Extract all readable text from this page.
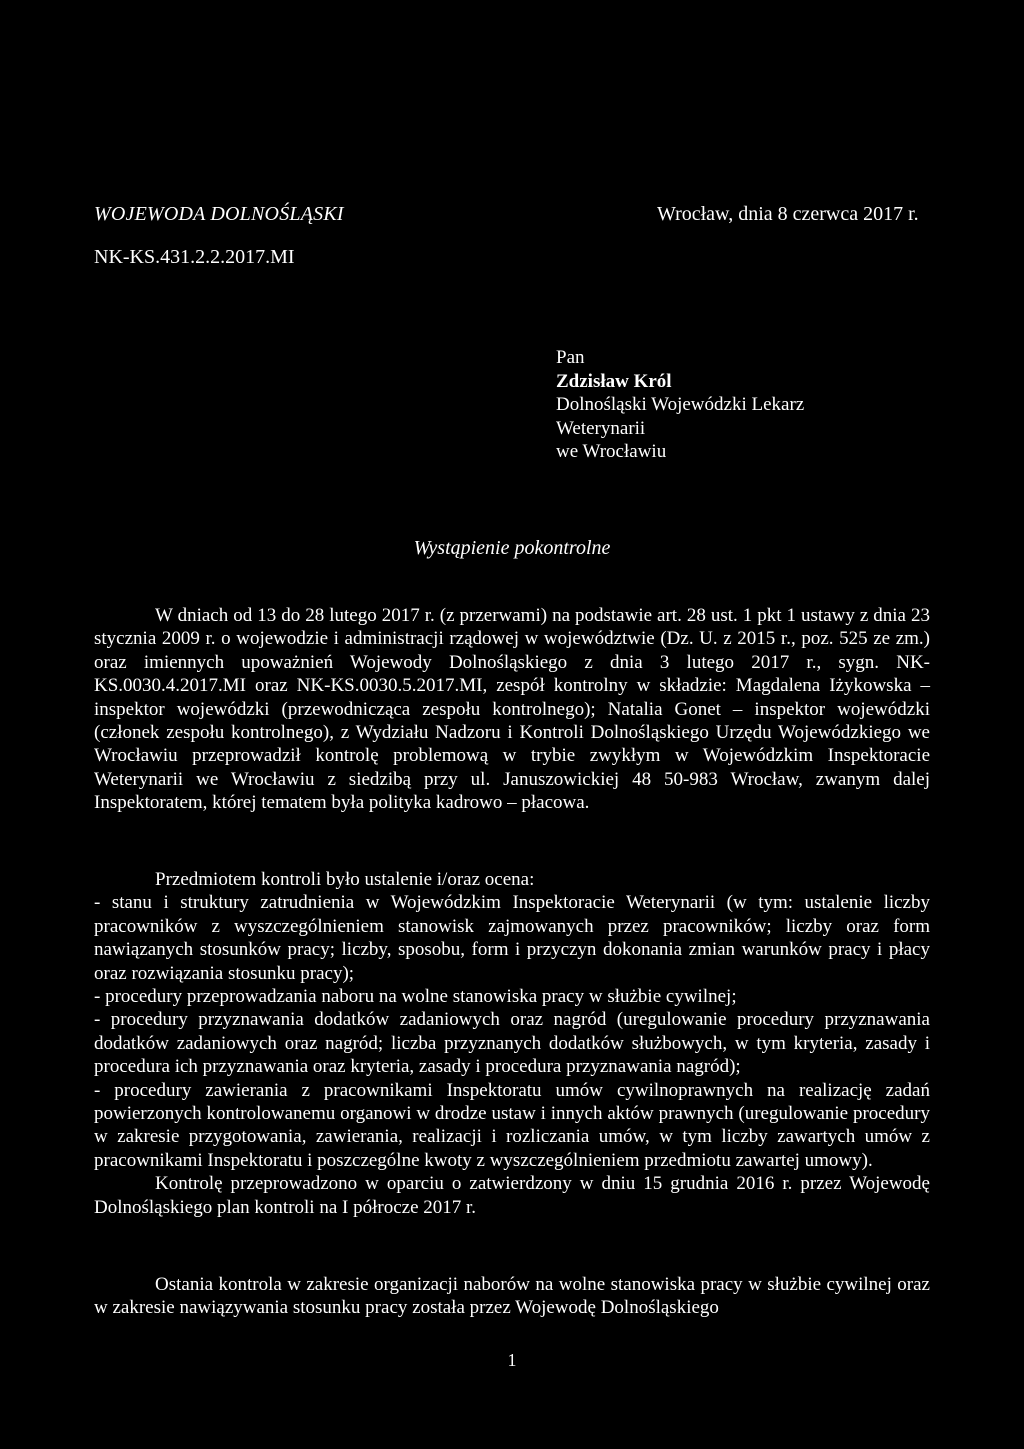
WOJEWODA DOLNOŚLĄSKI	Wrocław, dnia 8 czerwca 2017 r.
NK-KS.431.2.2.2017.MI
Pan
Zdzisław Król
Dolnośląski Wojewódzki Lekarz
Weterynarii
we Wrocławiu
Wystąpienie pokontrolne

W dniach od 13 do 28 lutego 2017 r. (z przerwami) na podstawie art. 28 ust. 1 pkt 1 ustawy z dnia 23 stycznia 2009 r. o wojewodzie i administracji rządowej w województwie (Dz. U. z 2015 r., poz. 525 ze zm.) oraz imiennych upoważnień Wojewody Dolnośląskiego z dnia 3 lutego 2017 r., sygn. NK-KS.0030.4.2017.MI oraz NK-KS.0030.5.2017.MI, zespół kontrolny w składzie: Magdalena Iżykowska – inspektor wojewódzki (przewodnicząca zespołu kontrolnego); Natalia Gonet – inspektor wojewódzki (członek zespołu kontrolnego), z Wydziału Nadzoru i Kontroli Dolnośląskiego Urzędu Wojewódzkiego we Wrocławiu przeprowadził kontrolę problemową w trybie zwykłym w Wojewódzkim Inspektoracie Weterynarii we Wrocławiu z siedzibą przy ul. Januszowickiej 48 50-983 Wrocław, zwanym dalej Inspektoratem, której tematem była polityka kadrowo – płacowa.

Przedmiotem kontroli było ustalenie i/oraz ocena:

- stanu i struktury zatrudnienia w Wojewódzkim Inspektoracie Weterynarii (w tym: ustalenie liczby pracowników z wyszczególnieniem stanowisk zajmowanych przez pracowników; liczby oraz form nawiązanych stosunków pracy; liczby, sposobu, form i przyczyn dokonania zmian warunków pracy i płacy oraz rozwiązania stosunku pracy);

- procedury przeprowadzania naboru na wolne stanowiska pracy w służbie cywilnej;

- procedury przyznawania dodatków zadaniowych oraz nagród (uregulowanie procedury przyznawania dodatków zadaniowych oraz nagród; liczba przyznanych dodatków służbowych, w tym kryteria, zasady i procedura ich przyznawania oraz kryteria, zasady i procedura przyznawania nagród);

- procedury zawierania z pracownikami Inspektoratu umów cywilnoprawnych na realizację zadań powierzonych kontrolowanemu organowi w drodze ustaw i innych aktów prawnych (uregulowanie procedury w zakresie przygotowania, zawierania, realizacji i rozliczania umów, w tym liczby zawartych umów z pracownikami Inspektoratu i poszczególne kwoty z wyszczególnieniem przedmiotu zawartej umowy).

Kontrolę przeprowadzono w oparciu o zatwierdzony w dniu 15 grudnia 2016 r. przez Wojewodę Dolnośląskiego plan kontroli na I półrocze 2017 r.

Ostania kontrola w zakresie organizacji naborów na wolne stanowiska pracy w służbie cywilnej oraz w zakresie nawiązywania stosunku pracy została przez Wojewodę Dolnośląskiego

1
